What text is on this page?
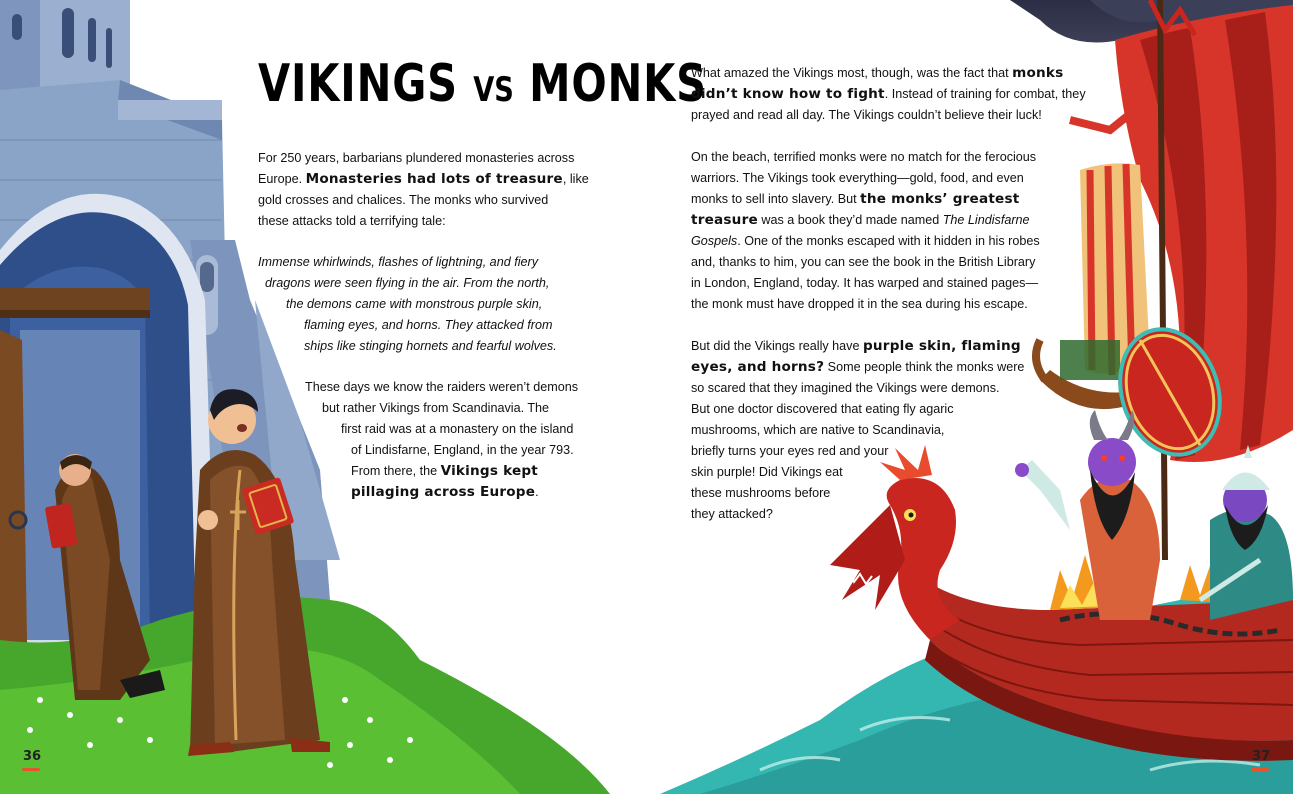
VIKINGS VS MONKS
For 250 years, barbarians plundered monasteries across
Europe. Monasteries had lots of treasure, like
gold crosses and chalices. The monks who survived
these attacks told a terrifying tale:
Immense whirlwinds, flashes of lightning, and fiery
dragons were seen flying in the air. From the north,
the demons came with monstrous purple skin,
flaming eyes, and horns. They attacked from
ships like stinging hornets and fearful wolves.
These days we know the raiders weren’t demons
but rather Vikings from Scandinavia. The
first raid was at a monastery on the island
of Lindisfarne, England, in the year 793.
From there, the Vikings kept
pillaging across Europe.
What amazed the Vikings most, though, was the fact that monks
didn’t know how to fight. Instead of training for combat, they
prayed and read all day. The Vikings couldn’t believe their luck!
On the beach, terrified monks were no match for the ferocious
warriors. The Vikings took everything—gold, food, and even
monks to sell into slavery. But the monks’ greatest
treasure was a book they’d made named The Lindisfarne
Gospels. One of the monks escaped with it hidden in his robes
and, thanks to him, you can see the book in the British Library
in London, England, today. It has warped and stained pages—
the monk must have dropped it in the sea during his escape.
But did the Vikings really have purple skin, flaming
eyes, and horns? Some people think the monks were
so scared that they imagined the Vikings were demons.
But one doctor discovered that eating fly agaric
mushrooms, which are native to Scandinavia,
briefly turns your eyes red and your
skin purple! Did Vikings eat
these mushrooms before
they attacked?
36	37
